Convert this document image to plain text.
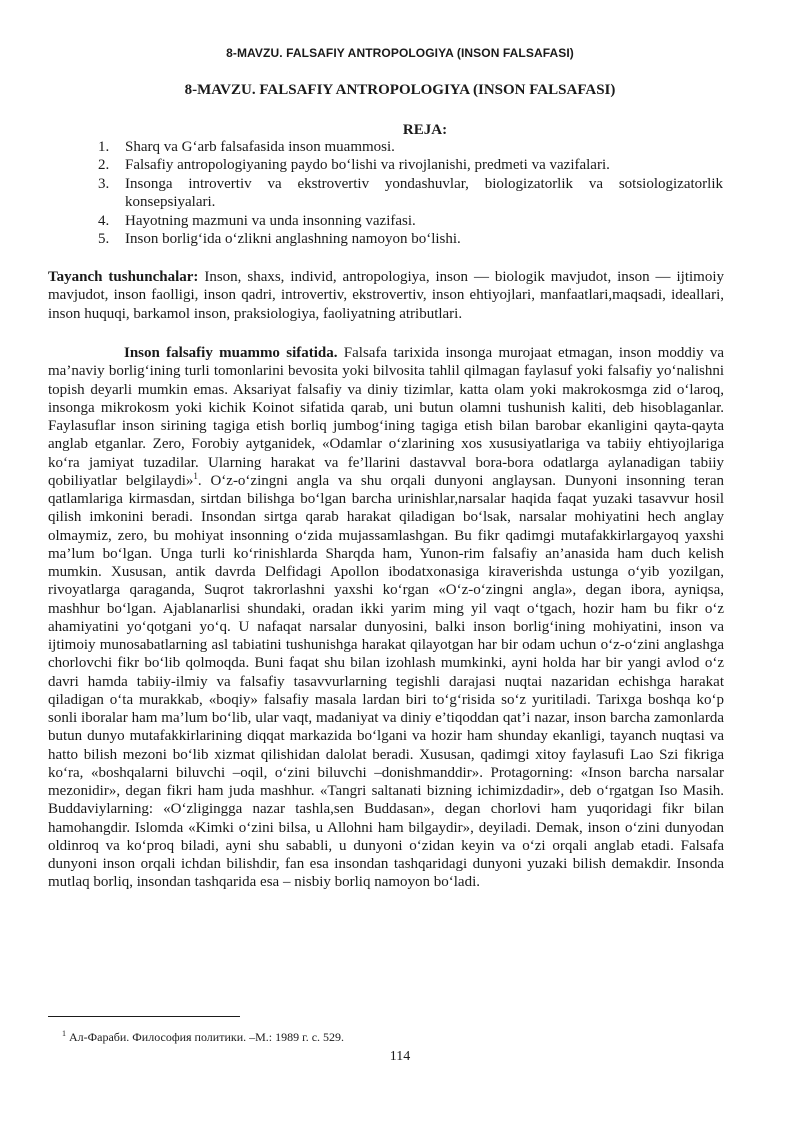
8-MAVZU. FALSAFIY ANTROPOLOGIYA (INSON FALSAFASI)
8-MAVZU. FALSAFIY ANTROPOLOGIYA (INSON FALSAFASI)
REJA:
1. Sharq va G‘arb falsafasida inson muammosi.
2. Falsafiy antropologiyaning paydo bo‘lishi va rivojlanishi, predmeti va vazifalari.
3. Insonga introvertiv va ekstrovertiv yondashuvlar, biologizatorlik va sotsiologizatorlik konsepsiyalari.
4. Hayotning mazmuni va unda insonning vazifasi.
5. Inson borlig‘ida o‘zlikni anglashning namoyon bo‘lishi.

Tayanch tushunchalar: Inson, shaxs, individ, antropologiya, inson — biologik mavjudot, inson — ijtimoiy mavjudot, inson faolligi, inson qadri, introvertiv, ekstrovertiv, inson ehtiyojlari, manfaatlari,maqsadi, ideallari, inson huquqi, barkamol inson, praksiologiya, faoliyatning atributlari.

Inson falsafiy muammo sifatida. Falsafa tarixida insonga murojaat etmagan, inson moddiy va ma’naviy borlig‘ining turli tomonlarini bevosita yoki bilvosita tahlil qilmagan faylasuf yoki falsafiy yo‘nalishni topish deyarli mumkin emas. Aksariyat falsafiy va diniy tizimlar, katta olam yoki makrokosmga zid o‘laroq, insonga mikrokosm yoki kichik Koinot sifatida qarab, uni butun olamni tushunish kaliti, deb hisoblaganlar. Faylasuflar inson sirining tagiga etish borliq jumbog‘ining tagiga etish bilan barobar ekanligini qayta-qayta anglab etganlar. Zero, Forobiy aytganidek, «Odamlar o‘zlarining xos xususiyatlariga va tabiiy ehtiyojlariga ko‘ra jamiyat tuzadilar. Ularning harakat va fe’llarini dastavval bora-bora odatlarga aylanadigan tabiiy qobiliyatlar belgilaydi»$^1$. O‘z-o‘zingni angla va shu orqali dunyoni anglaysan. Dunyoni insonning teran qatlamlariga kirmasdan, sirtdan bilishga bo‘lgan barcha urinishlar,narsalar haqida faqat yuzaki tasavvur hosil qilish imkonini beradi. Insondan sirtga qarab harakat qiladigan bo‘lsak, narsalar mohiyatini hech anglay olmaymiz, zero, bu mohiyat insonning o‘zida mujassamlashgan. Bu fikr qadimgi mutafakkirlargayoq yaxshi ma’lum bo‘lgan. Unga turli ko‘rinishlarda Sharqda ham, Yunon-rim falsafiy an’anasida ham duch kelish mumkin. Xususan, antik davrda Delfidagi Apollon ibodatxonasiga kiraverishda ustunga o‘yib yozilgan, rivoyatlarga qaraganda, Suqrot takrorlashni yaxshi ko‘rgan «O‘z-o‘zingni angla», degan ibora, ayniqsa, mashhur bo‘lgan. Ajablanarlisi shundaki, oradan ikki yarim ming yil vaqt o‘tgach, hozir ham bu fikr o‘z ahamiyatini yo‘qotgani yo‘q. U nafaqat narsalar dunyosini, balki inson borlig‘ining mohiyatini, inson va ijtimoiy munosabatlarning asl tabiatini tushunishga harakat qilayotgan har bir odam uchun o‘z-o‘zini anglashga chorlovchi fikr bo‘lib qolmoqda. Buni faqat shu bilan izohlash mumkinki, ayni holda har bir yangi avlod o‘z davri hamda tabiiy-ilmiy va falsafiy tasavvurlarning tegishli darajasi nuqtai nazaridan echishga harakat qiladigan o‘ta murakkab, «boqiy» falsafiy masala lardan biri to‘g‘risida so‘z yuritiladi. Tarixga boshqa ko‘p sonli iboralar ham ma’lum bo‘lib, ular vaqt, madaniyat va diniy e’tiqoddan qat’i nazar, inson barcha zamonlarda butun dunyo mutafakkirlarining diqqat markazida bo‘lgani va hozir ham shunday ekanligi, tayanch nuqtasi va hatto bilish mezoni bo‘lib xizmat qilishidan dalolat beradi. Xususan, qadimgi xitoy faylasufi Lao Szi fikriga ko‘ra, «boshqalarni biluvchi –oqil, o‘zini biluvchi –donishmanddir». Protagorning: «Inson barcha narsalar mezonidir», degan fikri ham juda mashhur. «Tangri saltanati bizning ichimizdadir», deb o‘rgatgan Iso Masih. Buddaviylarning: «O‘zligingga nazar tashla,sen Buddasan», degan chorlovi ham yuqoridagi fikr bilan hamohangdir. Islomda «Kimki o‘zini bilsa, u Allohni ham bilgaydir», deyiladi. Demak, inson o‘zini dunyodan oldinroq va ko‘proq biladi, ayni shu sababli, u dunyoni o‘zidan keyin va o‘zi orqali anglab etadi. Falsafa dunyoni inson orqali ichdan bilishdir, fan esa insondan tashqaridagi dunyoni yuzaki bilish demakdir. Insonda mutlaq borliq, insondan tashqarida esa – nisbiy borliq namoyon bo‘ladi.

$^1$ Ал-Фараби. Философия политики. –М.: 1989 г. с. 529.
114
